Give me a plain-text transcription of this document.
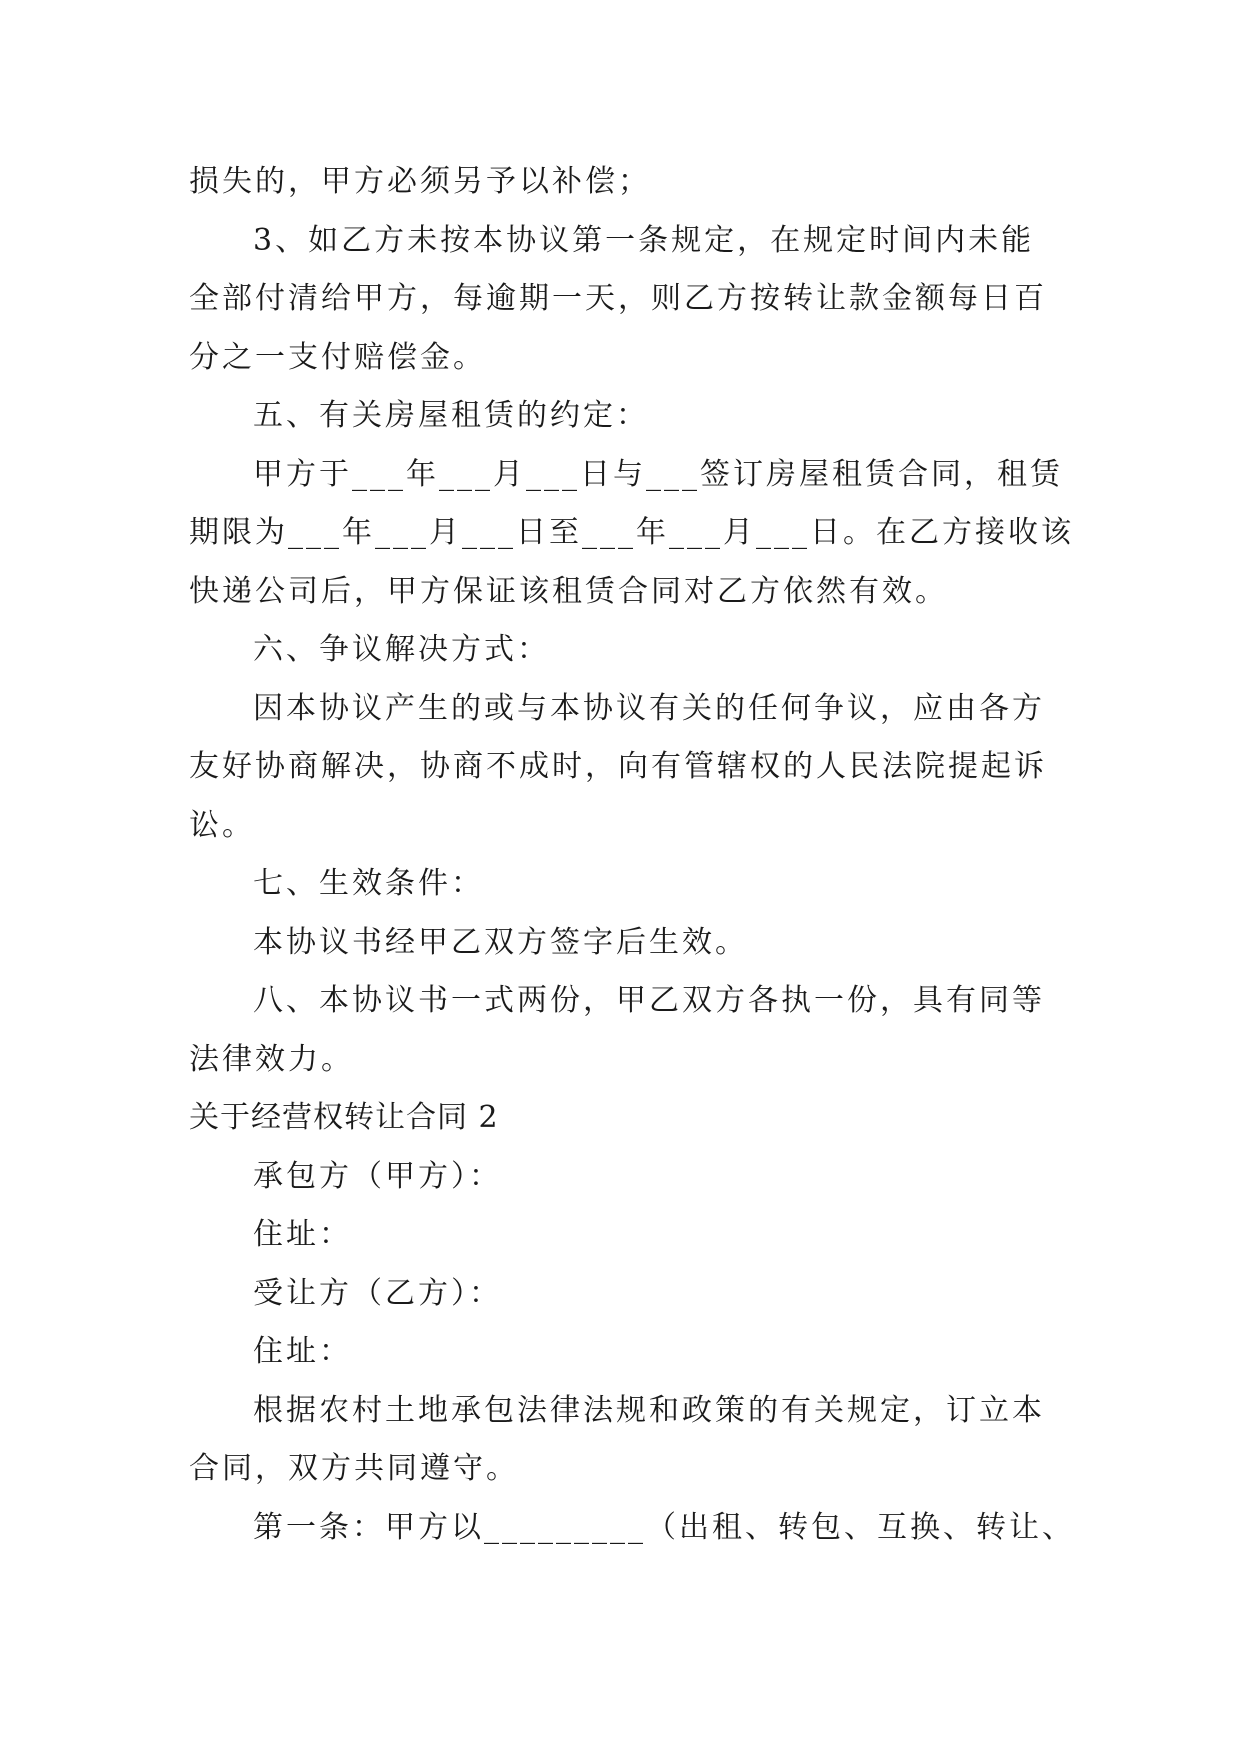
损失的，甲方必须另予以补偿；
3、如乙方未按本协议第一条规定，在规定时间内未能
全部付清给甲方，每逾期一天，则乙方按转让款金额每日百
分之一支付赔偿金。
五、有关房屋租赁的约定：
甲方于___年___月___日与___签订房屋租赁合同，租赁
期限为___年___月___日至___年___月___日。在乙方接收该
快递公司后，甲方保证该租赁合同对乙方依然有效。
六、争议解决方式：
因本协议产生的或与本协议有关的任何争议，应由各方
友好协商解决，协商不成时，向有管辖权的人民法院提起诉
讼。
七、生效条件：
本协议书经甲乙双方签字后生效。
八、本协议书一式两份，甲乙双方各执一份，具有同等
法律效力。
关于经营权转让合同 2
承包方（甲方）：
住址：
受让方（乙方）：
住址：
根据农村土地承包法律法规和政策的有关规定，订立本
合同，双方共同遵守。
第一条：甲方以_________（出租、转包、互换、转让、
